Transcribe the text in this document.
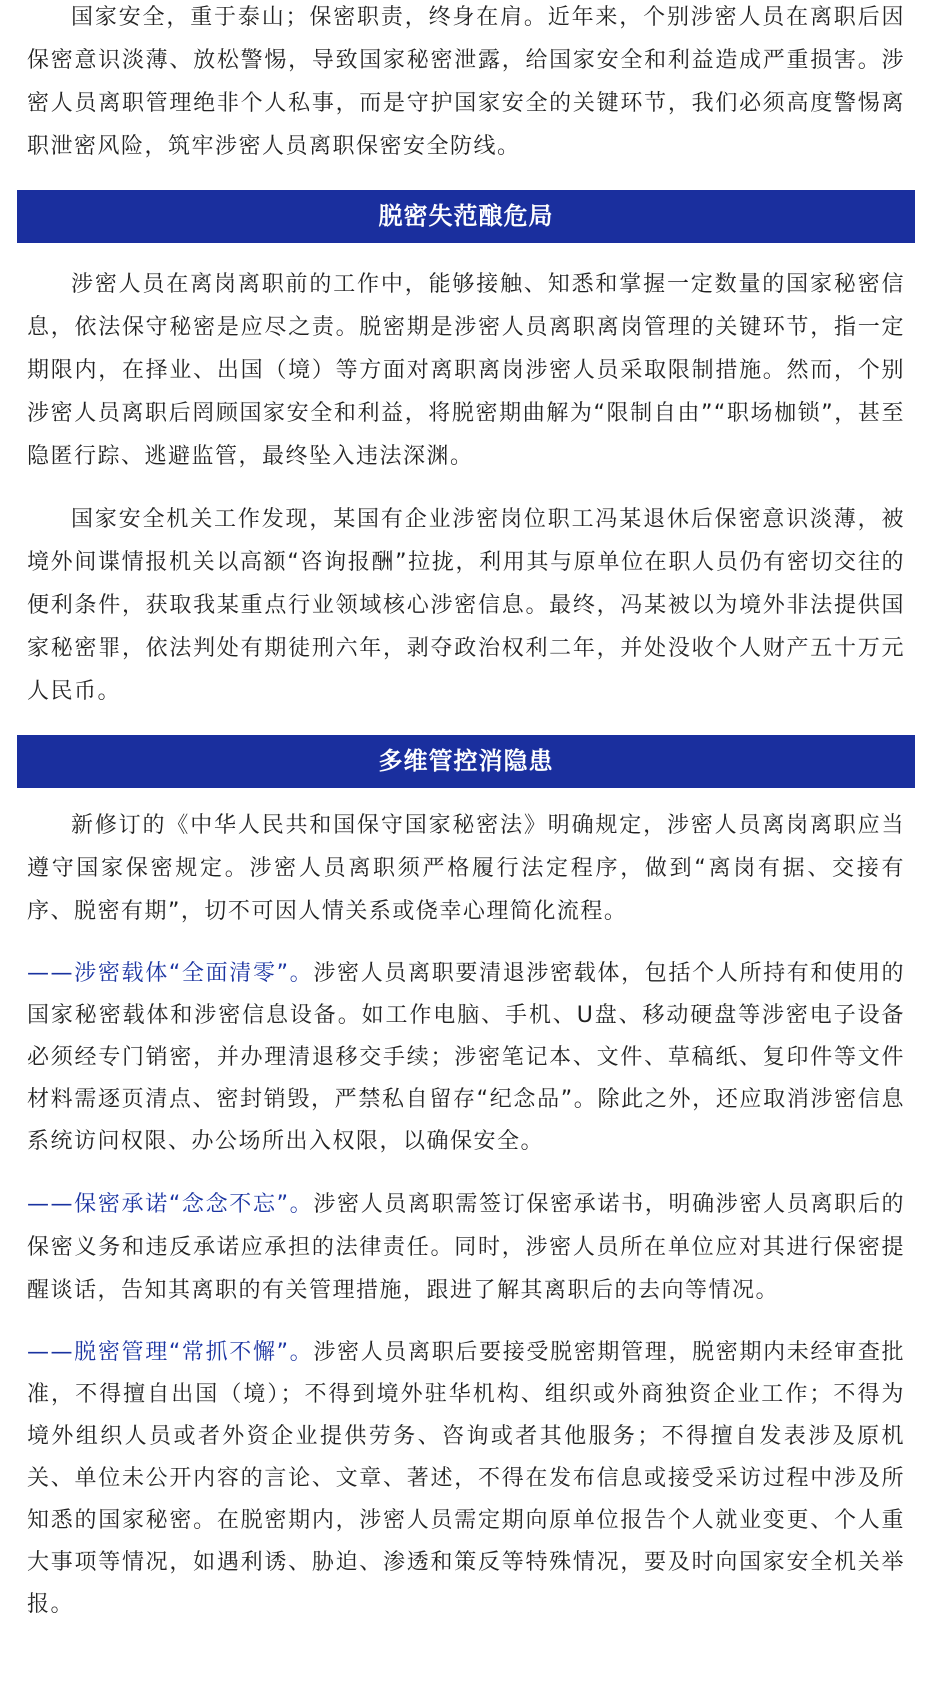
国家安全，重于泰山；保密职责，终身在肩。近年来，个别涉密人员在离职后因保密意识淡薄、放松警惕，导致国家秘密泄露，给国家安全和利益造成严重损害。涉密人员离职管理绝非个人私事，而是守护国家安全的关键环节，我们必须高度警惕离职泄密风险，筑牢涉密人员离职保密安全防线。

脱密失范酿危局

涉密人员在离岗离职前的工作中，能够接触、知悉和掌握一定数量的国家秘密信息，依法保守秘密是应尽之责。脱密期是涉密人员离职离岗管理的关键环节，指一定期限内，在择业、出国（境）等方面对离职离岗涉密人员采取限制措施。然而，个别涉密人员离职后罔顾国家安全和利益，将脱密期曲解为“限制自由”“职场枷锁”，甚至隐匿行踪、逃避监管，最终坠入违法深渊。

国家安全机关工作发现，某国有企业涉密岗位职工冯某退休后保密意识淡薄，被境外间谍情报机关以高额“咨询报酬”拉拢，利用其与原单位在职人员仍有密切交往的便利条件，获取我某重点行业领域核心涉密信息。最终，冯某被以为境外非法提供国家秘密罪，依法判处有期徒刑六年，剥夺政治权利二年，并处没收个人财产五十万元人民币。

多维管控消隐患

新修订的《中华人民共和国保守国家秘密法》明确规定，涉密人员离岗离职应当遵守国家保密规定。涉密人员离职须严格履行法定程序，做到“离岗有据、交接有序、脱密有期”，切不可因人情关系或侥幸心理简化流程。

——涉密载体“全面清零”。涉密人员离职要清退涉密载体，包括个人所持有和使用的国家秘密载体和涉密信息设备。如工作电脑、手机、U盘、移动硬盘等涉密电子设备必须经专门销密，并办理清退移交手续；涉密笔记本、文件、草稿纸、复印件等文件材料需逐页清点、密封销毁，严禁私自留存“纪念品”。除此之外，还应取消涉密信息系统访问权限、办公场所出入权限，以确保安全。

——保密承诺“念念不忘”。涉密人员离职需签订保密承诺书，明确涉密人员离职后的保密义务和违反承诺应承担的法律责任。同时，涉密人员所在单位应对其进行保密提醒谈话，告知其离职的有关管理措施，跟进了解其离职后的去向等情况。

——脱密管理“常抓不懈”。涉密人员离职后要接受脱密期管理，脱密期内未经审查批准，不得擅自出国（境）；不得到境外驻华机构、组织或外商独资企业工作；不得为境外组织人员或者外资企业提供劳务、咨询或者其他服务；不得擅自发表涉及原机关、单位未公开内容的言论、文章、著述，不得在发布信息或接受采访过程中涉及所知悉的国家秘密。在脱密期内，涉密人员需定期向原单位报告个人就业变更、个人重大事项等情况，如遇利诱、胁迫、渗透和策反等特殊情况，要及时向国家安全机关举报。
